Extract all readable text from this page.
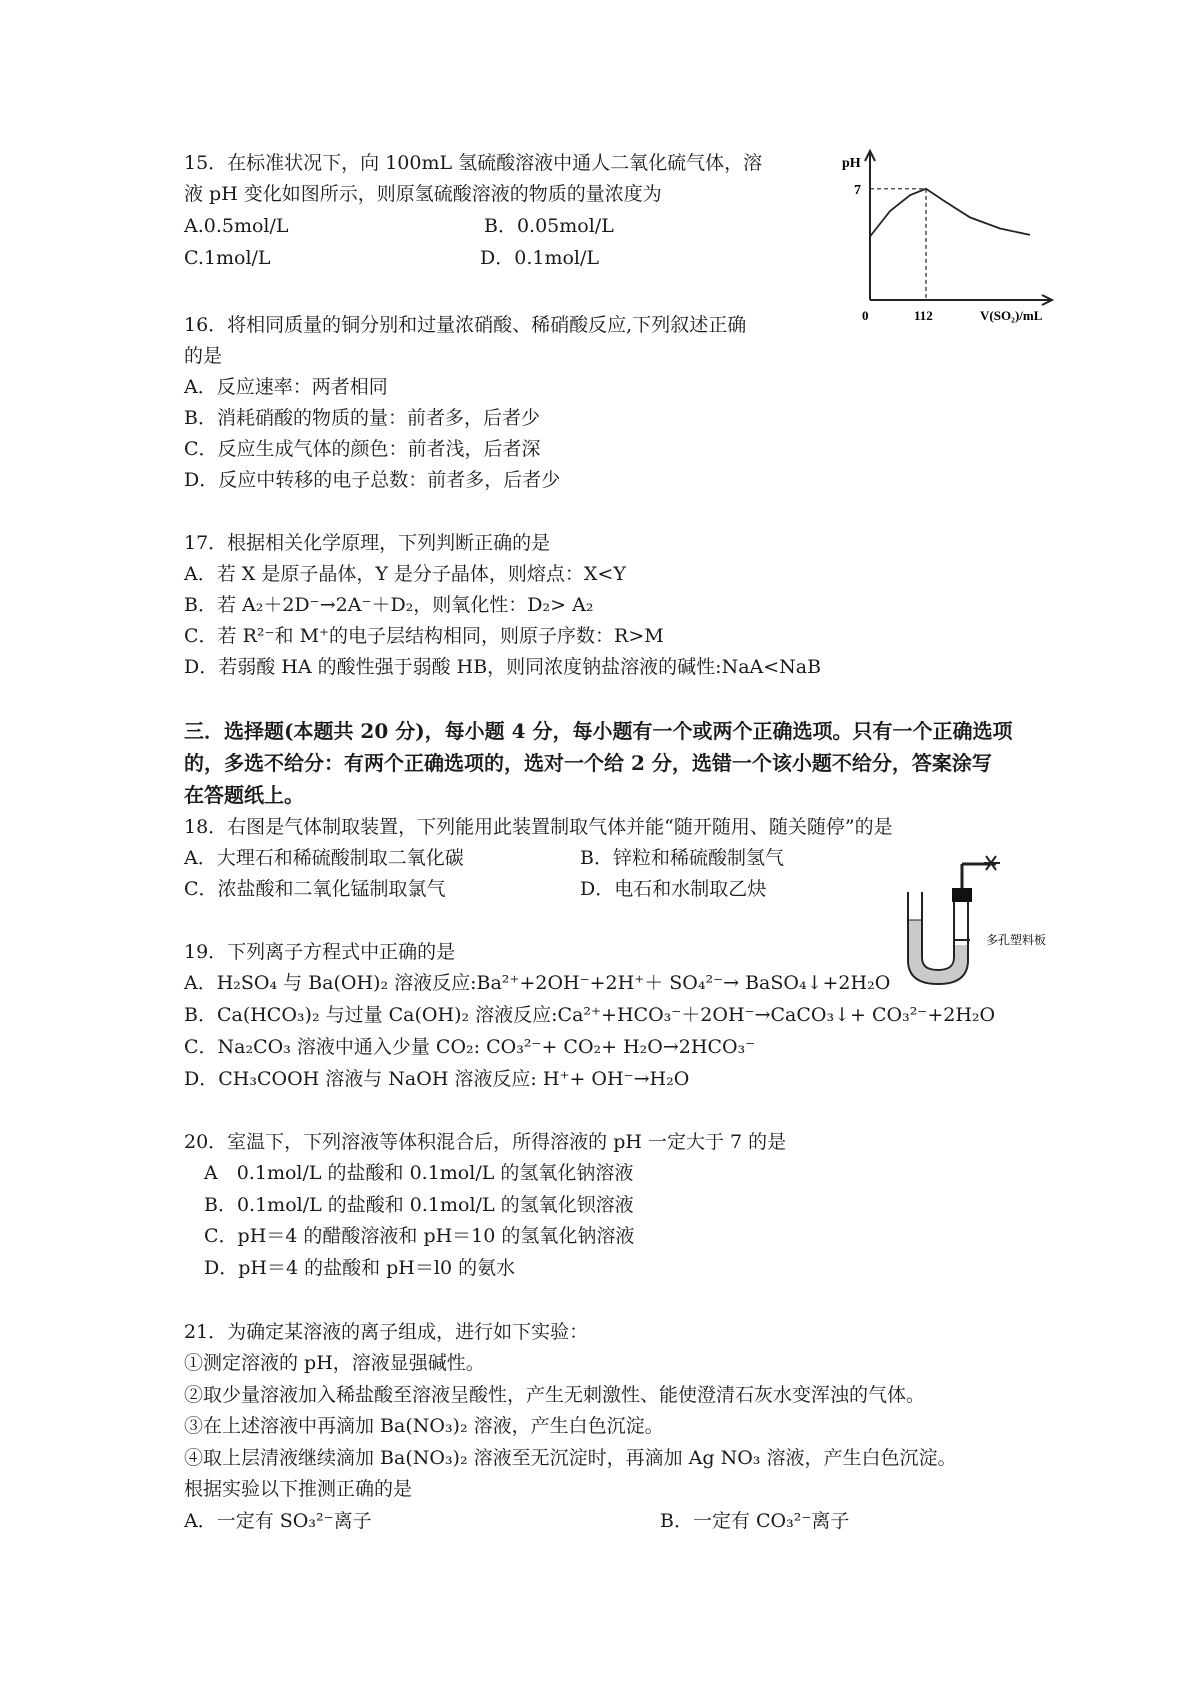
15．在标准状况下，向 100mL 氢硫酸溶液中通人二氧化硫气体，溶
液 pH 变化如图所示，则原氢硫酸溶液的物质的量浓度为
A.0.5mol/L	B．0.05mol/L
C.1mol/L	D．0.1mol/L
0	112
7
pH
V(SO₂)/mL
16．将相同质量的铜分别和过量浓硝酸、稀硝酸反应,下列叙述正确
的是
A．反应速率：两者相同
B．消耗硝酸的物质的量：前者多，后者少
C．反应生成气体的颜色：前者浅，后者深
D．反应中转移的电子总数：前者多，后者少
17．根据相关化学原理，下列判断正确的是
A．若 X 是原子晶体，Y 是分子晶体，则熔点：X<Y
B．若 A₂＋2D⁻→2A⁻＋D₂，则氧化性：D₂> A₂
C．若 R²⁻和 M⁺的电子层结构相同，则原子序数：R>M
D．若弱酸 HA 的酸性强于弱酸 HB，则同浓度钠盐溶液的碱性:NaA<NaB
三．选择题(本题共 20 分)，每小题 4 分，每小题有一个或两个正确选项。只有一个正确选项
的，多选不给分：有两个正确选项的，选对一个给 2 分，选错一个该小题不给分，答案涂写
在答题纸上。
18．右图是气体制取装置，下列能用此装置制取气体并能“随开随用、随关随停”的是
A．大理石和稀硫酸制取二氧化碳	B．锌粒和稀硫酸制氢气
C．浓盐酸和二氧化锰制取氯气	D．电石和水制取乙炔
多孔塑料板
19．下列离子方程式中正确的是
A．H₂SO₄ 与 Ba(OH)₂ 溶液反应:Ba²⁺+2OH⁻+2H⁺＋ SO₄²⁻→ BaSO₄↓+2H₂O
B．Ca(HCO₃)₂ 与过量 Ca(OH)₂ 溶液反应:Ca²⁺+HCO₃⁻＋2OH⁻→CaCO₃↓+ CO₃²⁻+2H₂O
C．Na₂CO₃ 溶液中通入少量 CO₂: CO₃²⁻+ CO₂+ H₂O→2HCO₃⁻
D．CH₃COOH 溶液与 NaOH 溶液反应: H⁺+ OH⁻→H₂O
20．室温下，下列溶液等体积混合后，所得溶液的 pH 一定大于 7 的是
A　0.1mol/L 的盐酸和 0.1mol/L 的氢氧化钠溶液
B．0.1mol/L 的盐酸和 0.1mol/L 的氢氧化钡溶液
C．pH＝4 的醋酸溶液和 pH＝10 的氢氧化钠溶液
D．pH＝4 的盐酸和 pH＝l0 的氨水
21．为确定某溶液的离子组成，进行如下实验：
①测定溶液的 pH，溶液显强碱性。
②取少量溶液加入稀盐酸至溶液呈酸性，产生无刺激性、能使澄清石灰水变浑浊的气体。
③在上述溶液中再滴加 Ba(NO₃)₂ 溶液，产生白色沉淀。
④取上层清液继续滴加 Ba(NO₃)₂ 溶液至无沉淀时，再滴加 Ag NO₃ 溶液，产生白色沉淀。
根据实验以下推测正确的是
A．一定有 SO₃²⁻离子	B．一定有 CO₃²⁻离子
